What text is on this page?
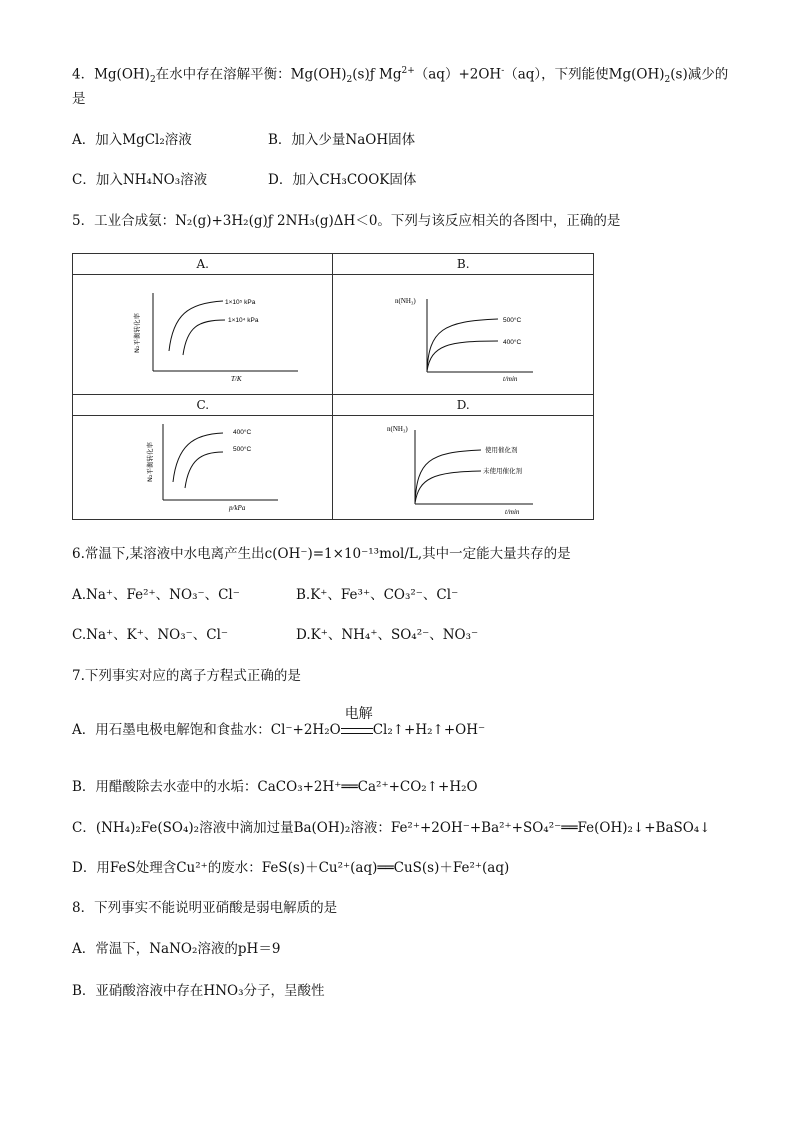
4．$Mg(OH)_2$在水中存在溶解平衡：$Mg(OH)_2(s)ƒ$ $Mg^{2+}(aq)+2OH^-(aq)$，下列能使$Mg(OH)_2(s)$减少的
是
A．加入MgCl₂溶液	B．加入少量NaOH固体
C．加入NH₄NO₃溶液	D．加入CH₃COOK固体
5．工业合成氨：N₂(g)+3H₂(g)ƒ 2NH₃(g)ΔH＜0。下列与该反应相关的各图中，正确的是
A.
1×10⁵ kPa
1×10⁴ kPa
T/K
N₂平衡转化率	B.
500°C
400°C
t/min
n(NH₃)

C.
400°C
500°C
p/kPa
N₂平衡转化率	D.
使用催化剂
未使用催化剂
t/min
n(NH₃)
6.常温下,某溶液中水电离产生出c(OH⁻)=1×10⁻¹³mol/L,其中一定能大量共存的是
A.Na⁺、Fe²⁺、NO₃⁻、Cl⁻	B.K⁺、Fe³⁺、CO₃²⁻、Cl⁻
C.Na⁺、K⁺、NO₃⁻、Cl⁻	D.K⁺、NH₄⁺、SO₄²⁻、NO₃⁻
7.下列事实对应的离子方程式正确的是
A．用石墨电极电解饱和食盐水：Cl⁻+2H₂O
电解
Cl₂↑+H₂↑+OH⁻
B．用醋酸除去水壶中的水垢：CaCO₃+2H⁺══Ca²⁺+CO₂↑+H₂O
C．(NH₄)₂Fe(SO₄)₂溶液中滴加过量Ba(OH)₂溶液：Fe²⁺+2OH⁻+Ba²⁺+SO₄²⁻══Fe(OH)₂↓+BaSO₄↓
D．用FeS处理含Cu²⁺的废水：FeS(s)＋Cu²⁺(aq)══CuS(s)＋Fe²⁺(aq)
8．下列事实不能说明亚硝酸是弱电解质的是
A．常温下，NaNO₂溶液的pH＝9
B．亚硝酸溶液中存在HNO₃分子，呈酸性
